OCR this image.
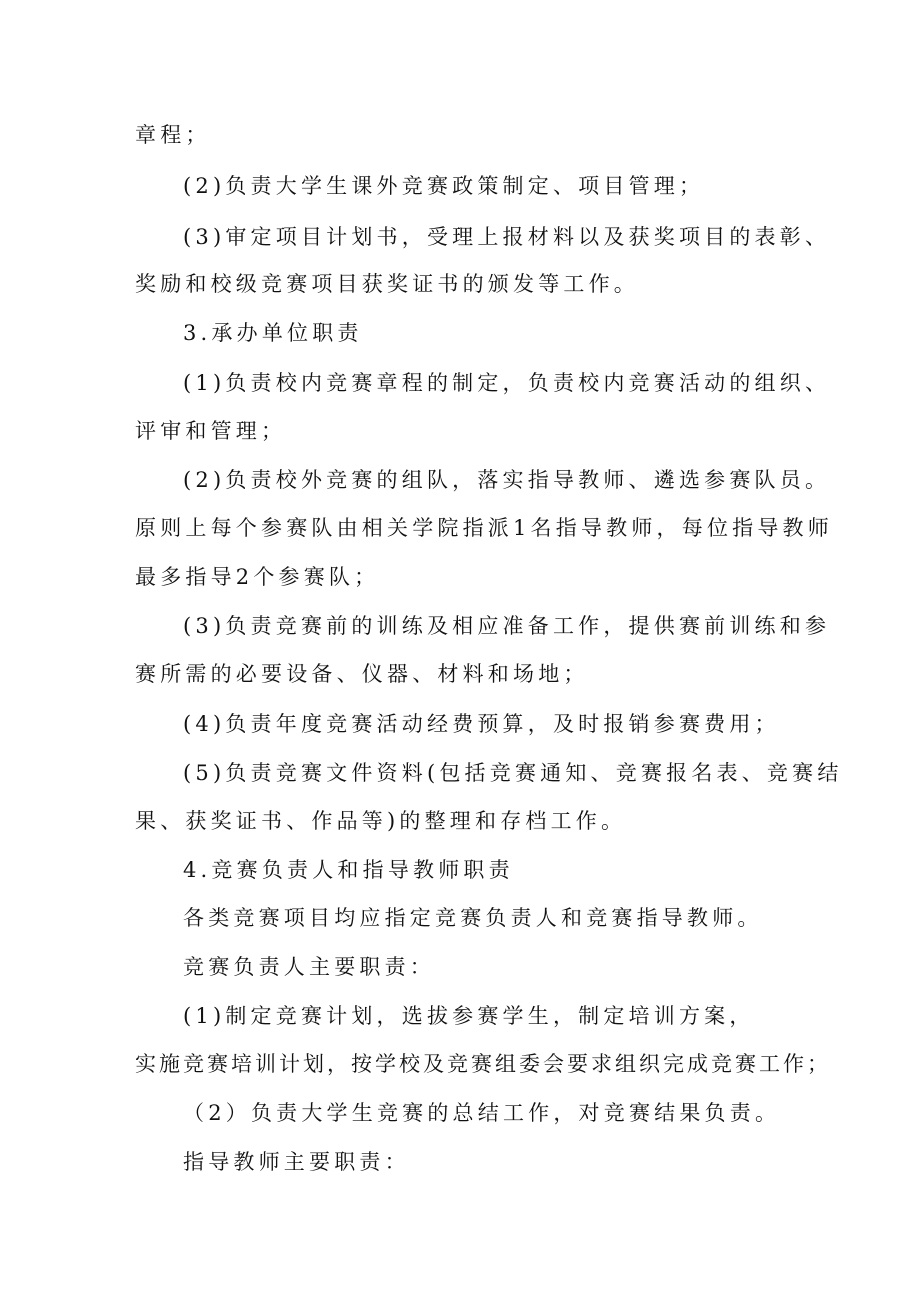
章程；
(2)负责大学生课外竞赛政策制定、项目管理；
(3)审定项目计划书，受理上报材料以及获奖项目的表彰、
奖励和校级竞赛项目获奖证书的颁发等工作。
3.承办单位职责
(1)负责校内竞赛章程的制定，负责校内竞赛活动的组织、
评审和管理；
(2)负责校外竞赛的组队，落实指导教师、遴选参赛队员。
原则上每个参赛队由相关学院指派1名指导教师，每位指导教师
最多指导2个参赛队；
(3)负责竞赛前的训练及相应准备工作，提供赛前训练和参
赛所需的必要设备、仪器、材料和场地；
(4)负责年度竞赛活动经费预算，及时报销参赛费用；
(5)负责竞赛文件资料(包括竞赛通知、竞赛报名表、竞赛结
果、获奖证书、作品等)的整理和存档工作。
4.竞赛负责人和指导教师职责
各类竞赛项目均应指定竞赛负责人和竞赛指导教师。
竞赛负责人主要职责：
(1)制定竞赛计划，选拔参赛学生，制定培训方案，
实施竞赛培训计划，按学校及竞赛组委会要求组织完成竞赛工作；
（2）负责大学生竞赛的总结工作，对竞赛结果负责。
指导教师主要职责：
